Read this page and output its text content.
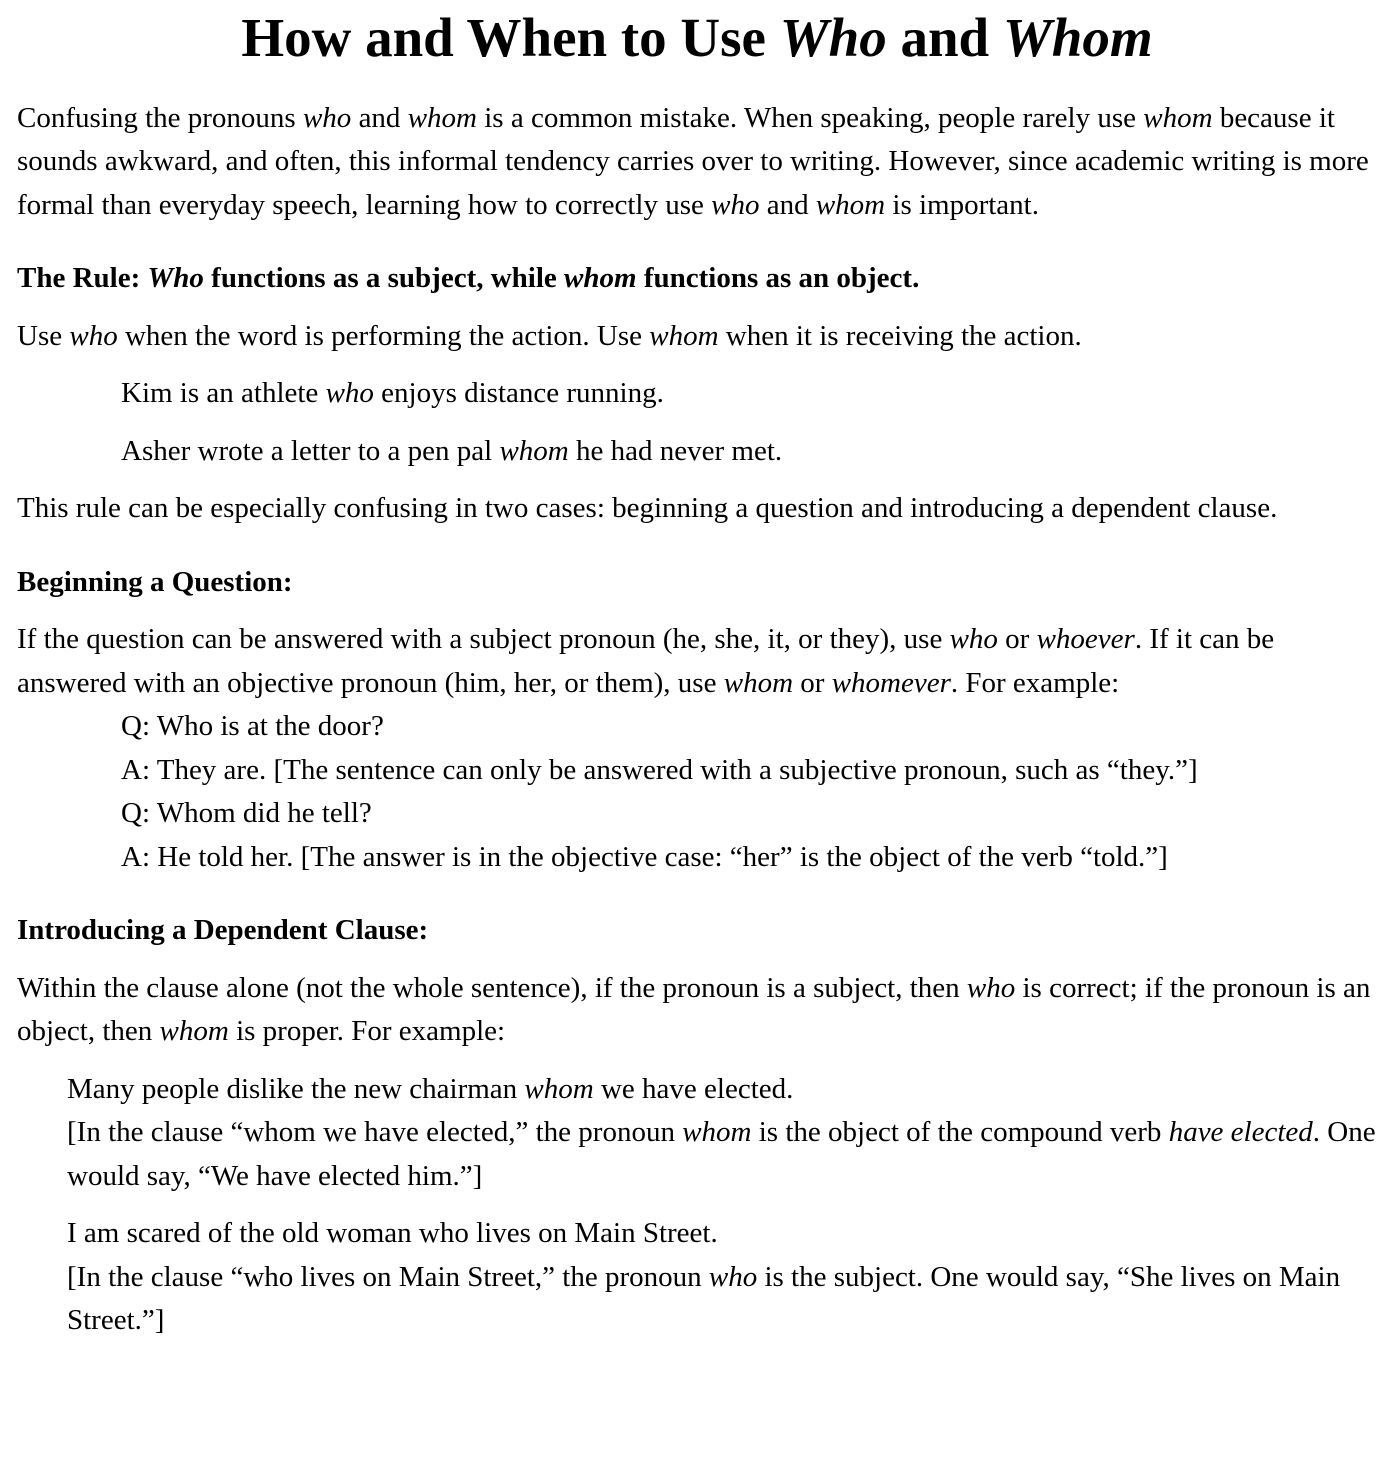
How and When to Use Who and Whom
Confusing the pronouns who and whom is a common mistake. When speaking, people rarely use whom because it sounds awkward, and often, this informal tendency carries over to writing. However, since academic writing is more formal than everyday speech, learning how to correctly use who and whom is important.
The Rule: Who functions as a subject, while whom functions as an object.
Use who when the word is performing the action. Use whom when it is receiving the action.
Kim is an athlete who enjoys distance running.
Asher wrote a letter to a pen pal whom he had never met.
This rule can be especially confusing in two cases: beginning a question and introducing a dependent clause.
Beginning a Question:
If the question can be answered with a subject pronoun (he, she, it, or they), use who or whoever. If it can be answered with an objective pronoun (him, her, or them), use whom or whomever. For example:
Q: Who is at the door?
A: They are. [The sentence can only be answered with a subjective pronoun, such as “they.”]
Q: Whom did he tell?
A: He told her. [The answer is in the objective case: “her” is the object of the verb “told.”]
Introducing a Dependent Clause:
Within the clause alone (not the whole sentence), if the pronoun is a subject, then who is correct; if the pronoun is an object, then whom is proper. For example:
Many people dislike the new chairman whom we have elected.
[In the clause “whom we have elected,” the pronoun whom is the object of the compound verb have elected. One would say, “We have elected him.”]
I am scared of the old woman who lives on Main Street.
[In the clause “who lives on Main Street,” the pronoun who is the subject. One would say, “She lives on Main Street.”]
